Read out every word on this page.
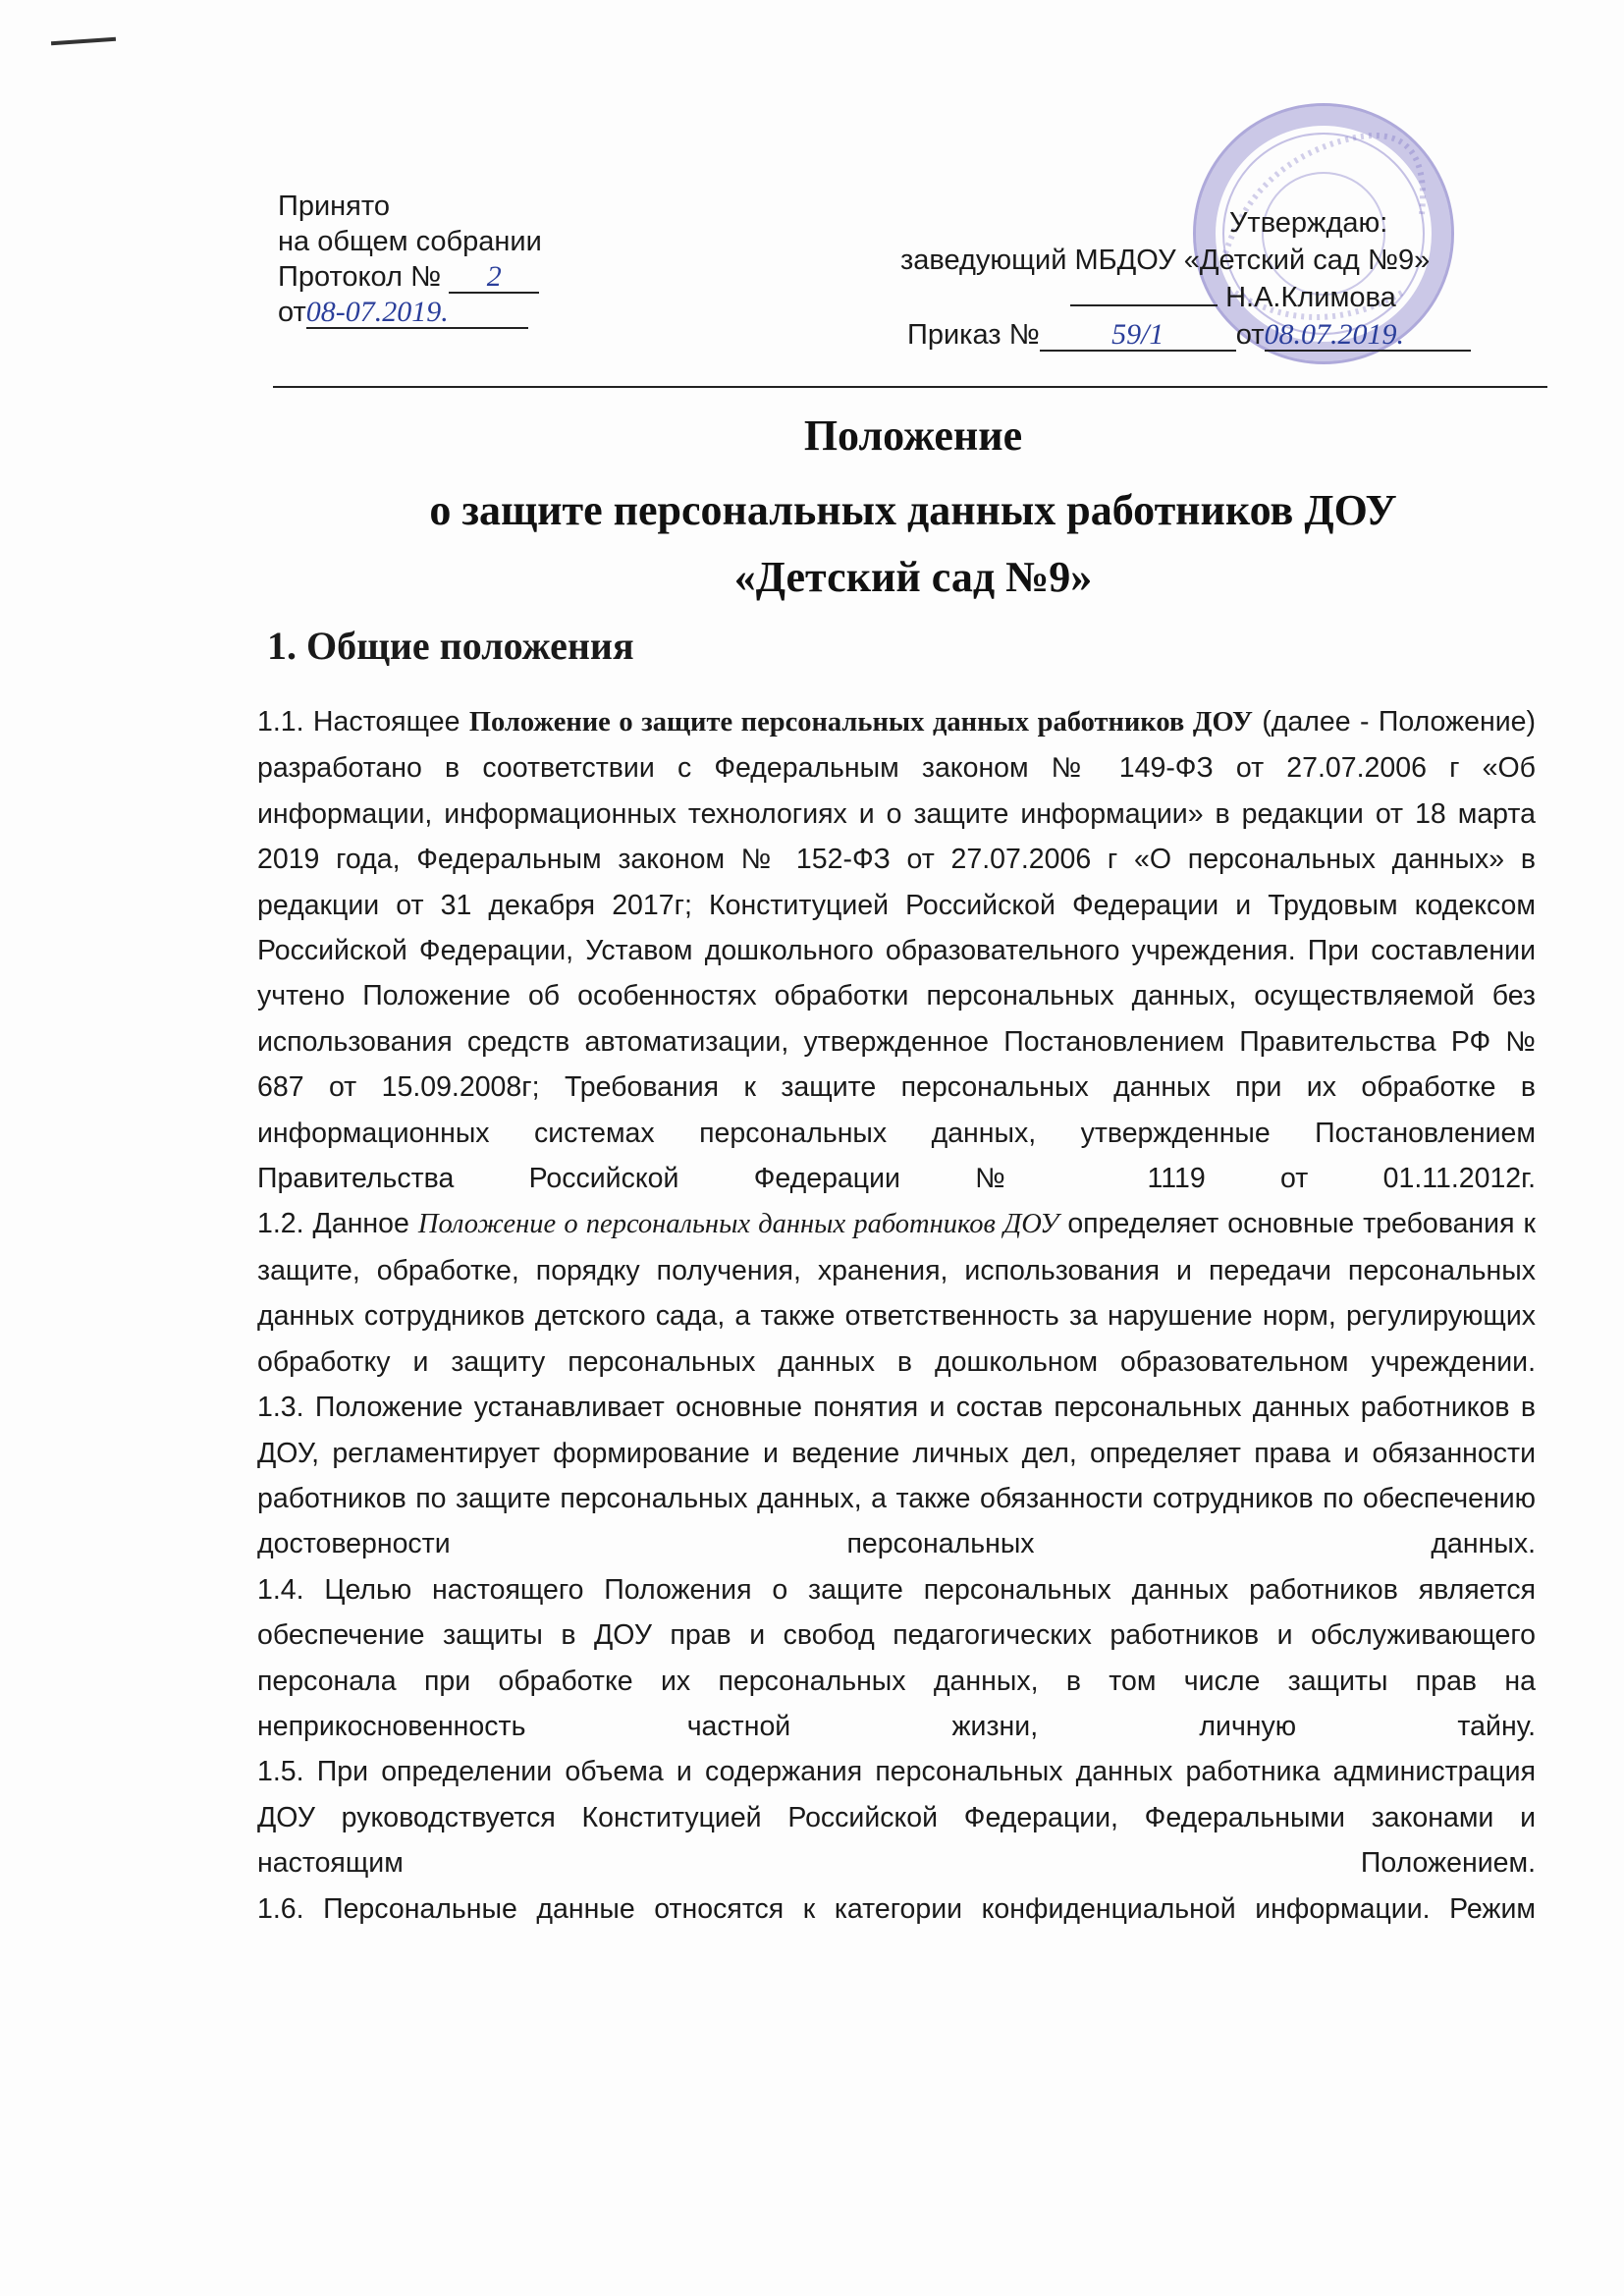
Принято
на общем собрании
Протокол № 2
от08-07.2019.
Утверждаю:
заведующий МБДОУ «Детский сад №9»
Н.А.Климова
Приказ № 59/1	от08.07.2019.
Положение
о защите персональных данных работников ДОУ
«Детский сад №9»
1. Общие положения

1.1. Настоящее Положение о защите персональных данных работников ДОУ (далее - Положение) разработано в соответствии с Федеральным законом № 149-ФЗ от 27.07.2006 г «Об информации, информационных технологиях и о защите информации» в редакции от 18 марта 2019 года, Федеральным законом № 152-ФЗ от 27.07.2006 г «О персональных данных» в редакции от 31 декабря 2017г; Конституцией Российской Федерации и Трудовым кодексом Российской Федерации, Уставом дошкольного образовательного учреждения. При составлении учтено Положение об особенностях обработки персональных данных, осуществляемой без использования средств автоматизации, утвержденное Постановлением Правительства РФ № 687 от 15.09.2008г; Требования к защите персональных данных при их обработке в информационных системах персональных данных, утвержденные Постановлением Правительства Российской Федерации № 1119 от 01.11.2012г.

1.2. Данное Положение о персональных данных работников ДОУ определяет основные требования к защите, обработке, порядку получения, хранения, использования и передачи персональных данных сотрудников детского сада, а также ответственность за нарушение норм, регулирующих обработку и защиту персональных данных в дошкольном образовательном учреждении.

1.3. Положение устанавливает основные понятия и состав персональных данных работников в ДОУ, регламентирует формирование и ведение личных дел, определяет права и обязанности работников по защите персональных данных, а также обязанности сотрудников по обеспечению достоверности персональных данных.

1.4. Целью настоящего Положения о защите персональных данных работников является обеспечение защиты в ДОУ прав и свобод педагогических работников и обслуживающего персонала при обработке их персональных данных, в том числе защиты прав на неприкосновенность частной жизни, личную тайну.

1.5. При определении объема и содержания персональных данных работника администрация ДОУ руководствуется Конституцией Российской Федерации, Федеральными законами и настоящим Положением.

1.6. Персональные данные относятся к категории конфиденциальной информации. Режим
